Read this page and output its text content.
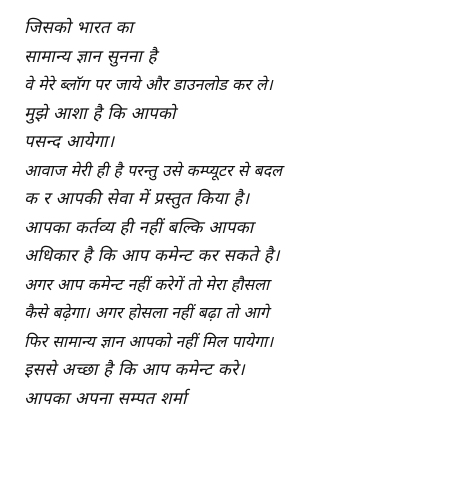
जिसको भारत का
सामान्य ज्ञान सुनना है
वे मेरे ब्लॉग पर जाये और डाउनलोड कर ले।
मुझे आशा है कि आपको
पसन्द आयेगा।
आवाज मेरी ही है परन्तु उसे कम्प्यूटर से बदल
क र आपकी सेवा में प्रस्तुत किया है।
आपका कर्तव्य ही नहीं बल्कि आपका
अधिकार है कि आप कमेन्ट कर सकते है।
अगर आप कमेन्ट नहीं करेगें तो मेरा हौसला
कैसे बढ़ेगा। अगर होसला नहीं बढ़ा तो आगे
फिर सामान्य ज्ञान आपको नहीं मिल पायेगा।
इससे अच्छा है कि आप कमेन्ट करे।
आपका अपना सम्पत शर्मा
